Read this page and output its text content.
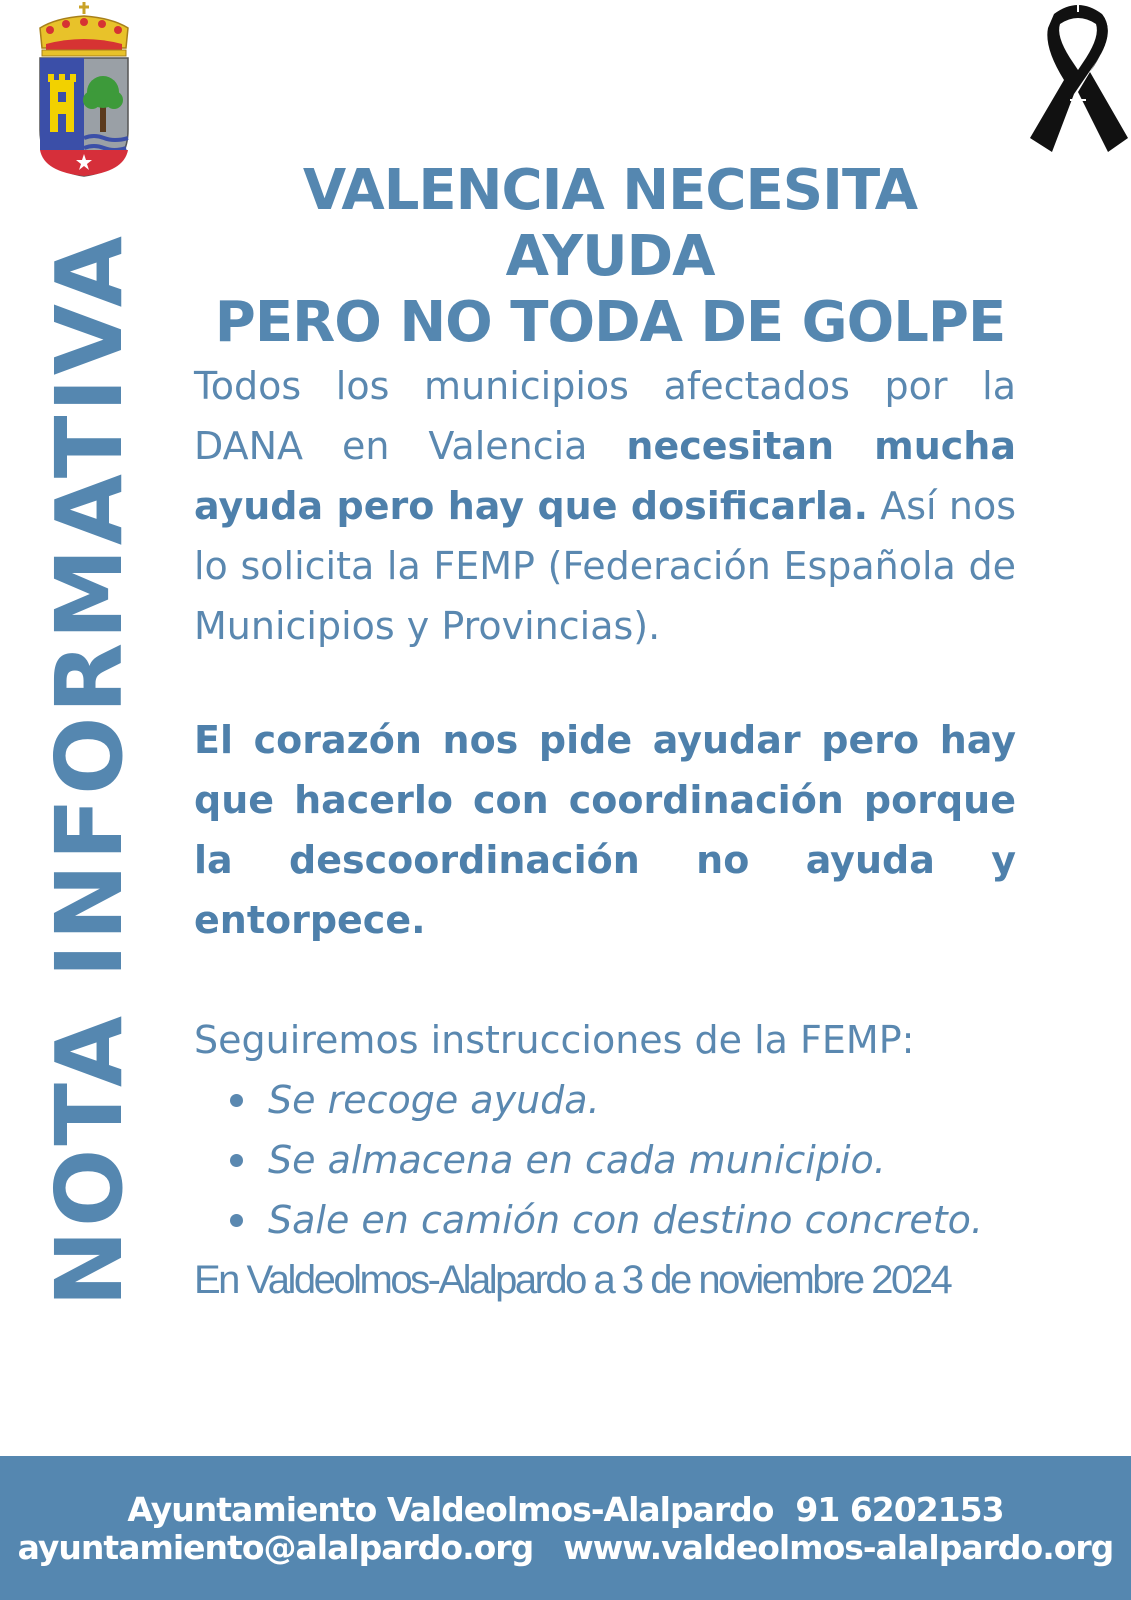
NOTA INFORMATIVA
VALENCIA NECESITA AYUDA
PERO NO TODA DE GOLPE

Todos los municipios afectados por la DANA en Valencia necesitan mucha ayuda pero hay que dosificarla. Así nos lo solicita la FEMP (Federación Española de Municipios y Provincias).

El corazón nos pide ayudar pero hay que hacerlo con coordinación porque la descoordinación no ayuda y entorpece.

Seguiremos instrucciones de la FEMP:

Se recoge ayuda.
Se almacena en cada municipio.
Sale en camión con destino concreto.
En Valdeolmos-Alalpardo a 3 de noviembre 2024
Ayuntamiento Valdeolmos-Alalpardo 91 6202153
ayuntamiento@alalpardo.org www.valdeolmos-alalpardo.org
